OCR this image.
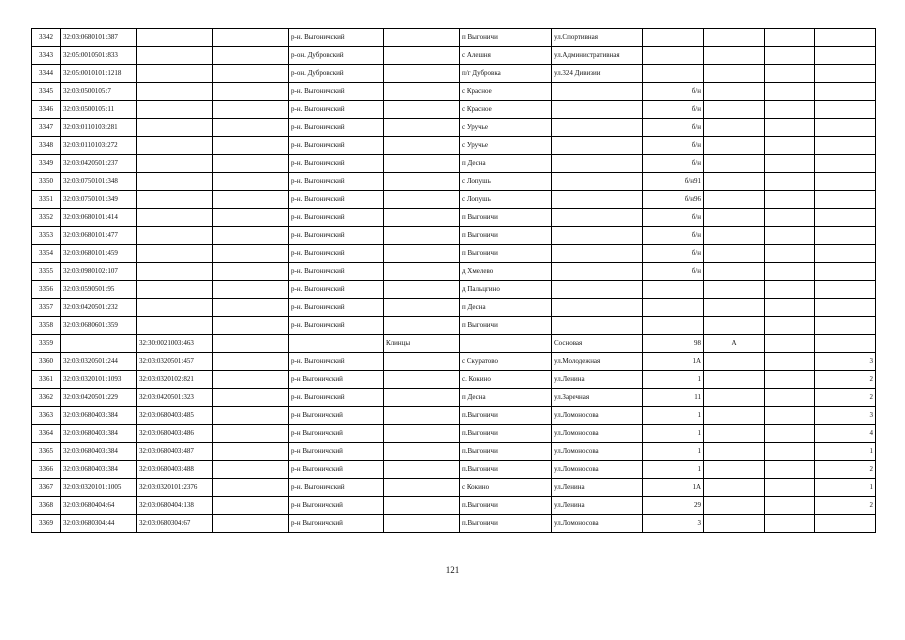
3342	32:03:0680101:387			р-н. Выгоничский		п Выгоничи	ул.Спортивная				
3343	32:05:0010501:833			р-он. Дубровский		с Алешня	ул.Административная				
3344	32:05:0010101:1218			р-он. Дубровский		п/г Дубровка	ул.324 Дивизии				
3345	32:03:0500105:7			р-н. Выгоничский		с Красное		б/н			
3346	32:03:0500105:11			р-н. Выгоничский		с Красное		б/н			
3347	32:03:0110103:281			р-н. Выгоничский		с Уручье		б/н			
3348	32:03:0110103:272			р-н. Выгоничский		с Уручье		б/н			
3349	32:03:0420501:237			р-н. Выгоничский		п Десна		б/н			
3350	32:03:0750101:348			р-н. Выгоничский		с Лопушь		б/н91			
3351	32:03:0750101:349			р-н. Выгоничский		с Лопушь		б/н96			
3352	32:03:0680101:414			р-н. Выгоничский		п Выгоничи		б/н			
3353	32:03:0680101:477			р-н. Выгоничский		п Выгоничи		б/н			
3354	32:03:0680101:459			р-н. Выгоничский		п Выгоничи		б/н			
3355	32:03:0980102:107			р-н. Выгоничский		д Хмелево		б/н			
3356	32:03:0590501:95			р-н. Выгоничский		д Пальцгино					
3357	32:03:0420501:232			р-н. Выгоничский		п Десна					
3358	32:03:0680601:359			р-н. Выгоничский		п Выгоничи					
3359		32:30:0021003:463			Клинцы		Сосновая	98	А		
3360	32:03:0320501:244	32:03:0320501:457		р-н. Выгоничский		с Скуратово	ул.Молодежная	1А			3
3361	32:03:0320101:1093	32:03:0320102:821		р-н Выгоничский		с. Кокино	ул.Ленина	1			2
3362	32:03:0420501:229	32:03:0420501:323		р-н. Выгоничский		п Десна	ул.Заречная	11			2
3363	32:03:0680403:384	32:03:0680403:485		р-н Выгоничский		п.Выгоничи	ул.Ломоносова	1			3
3364	32:03:0680403:384	32:03:0680403:486		р-н Выгоничский		п.Выгоничи	ул.Ломоносова	1			4
3365	32:03:0680403:384	32:03:0680403:487		р-н Выгоничский		п.Выгоничи	ул.Ломоносова	1			1
3366	32:03:0680403:384	32:03:0680403:488		р-н Выгоничский		п.Выгоничи	ул.Ломоносова	1			2
3367	32:03:0320101:1005	32:03:0320101:2376		р-н. Выгоничский		с Кокино	ул.Ленина	1А			1
3368	32:03:0680404:64	32:03:0680404:138		р-н Выгоничский		п.Выгоничи	ул.Ленина	29			2
3369	32:03:0680304:44	32:03:0680304:67		р-н Выгоничский		п.Выгоничи	ул.Ломоносова	3			
121
